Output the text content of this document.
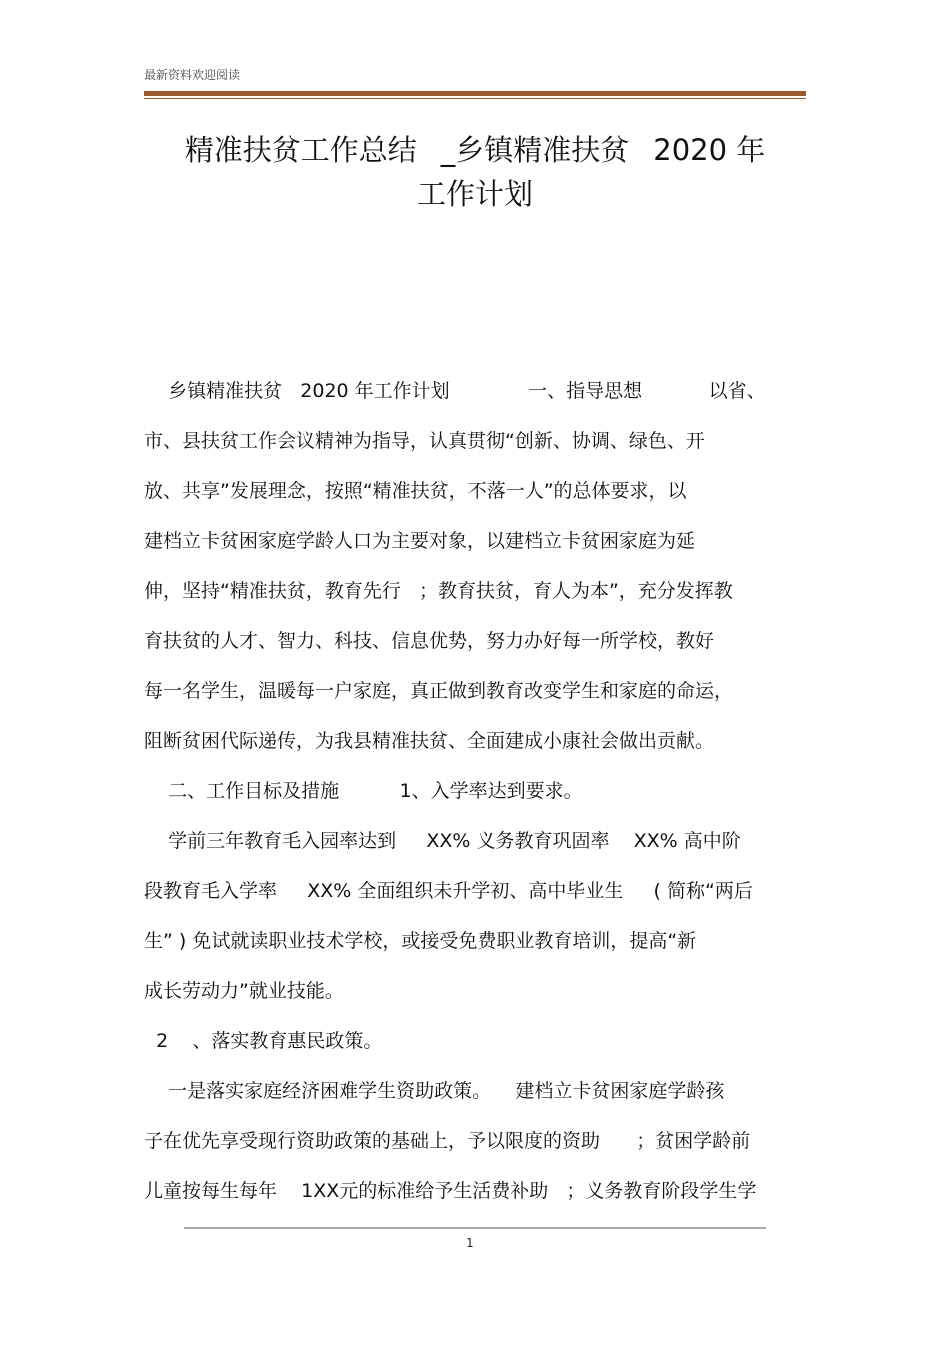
最新资料欢迎阅读
精准扶贫工作总结 _乡镇精准扶贫 2020 年
工作计划
乡镇精准扶贫   2020 年工作计划             一、指导思想           以省、
市、县扶贫工作会议精神为指导，认真贯彻“创新、协调、绿色、开
放、共享”发展理念，按照“精准扶贫，不落一人”的总体要求，以
建档立卡贫困家庭学龄人口为主要对象，以建档立卡贫困家庭为延
伸，坚持“精准扶贫，教育先行   ；教育扶贫，育人为本”，充分发挥教
育扶贫的人才、智力、科技、信息优势，努力办好每一所学校，教好
每一名学生，温暖每一户家庭，真正做到教育改变学生和家庭的命运，
阻断贫困代际递传，为我县精准扶贫、全面建成小康社会做出贡献。
二、工作目标及措施          1、入学率达到要求。
学前三年教育毛入园率达到     XX% 义务教育巩固率    XX% 高中阶
段教育毛入学率     XX% 全面组织未升学初、高中毕业生     ( 简称“两后
生” ) 免试就读职业技术学校，或接受免费职业教育培训，提高“新
成长劳动力”就业技能。
2    、落实教育惠民政策。
一是落实家庭经济困难学生资助政策。    建档立卡贫困家庭学龄孩
子在优先享受现行资助政策的基础上，予以限度的资助      ；贫困学龄前
儿童按每生每年    1XX元的标准给予生活费补助   ；义务教育阶段学生学
1
